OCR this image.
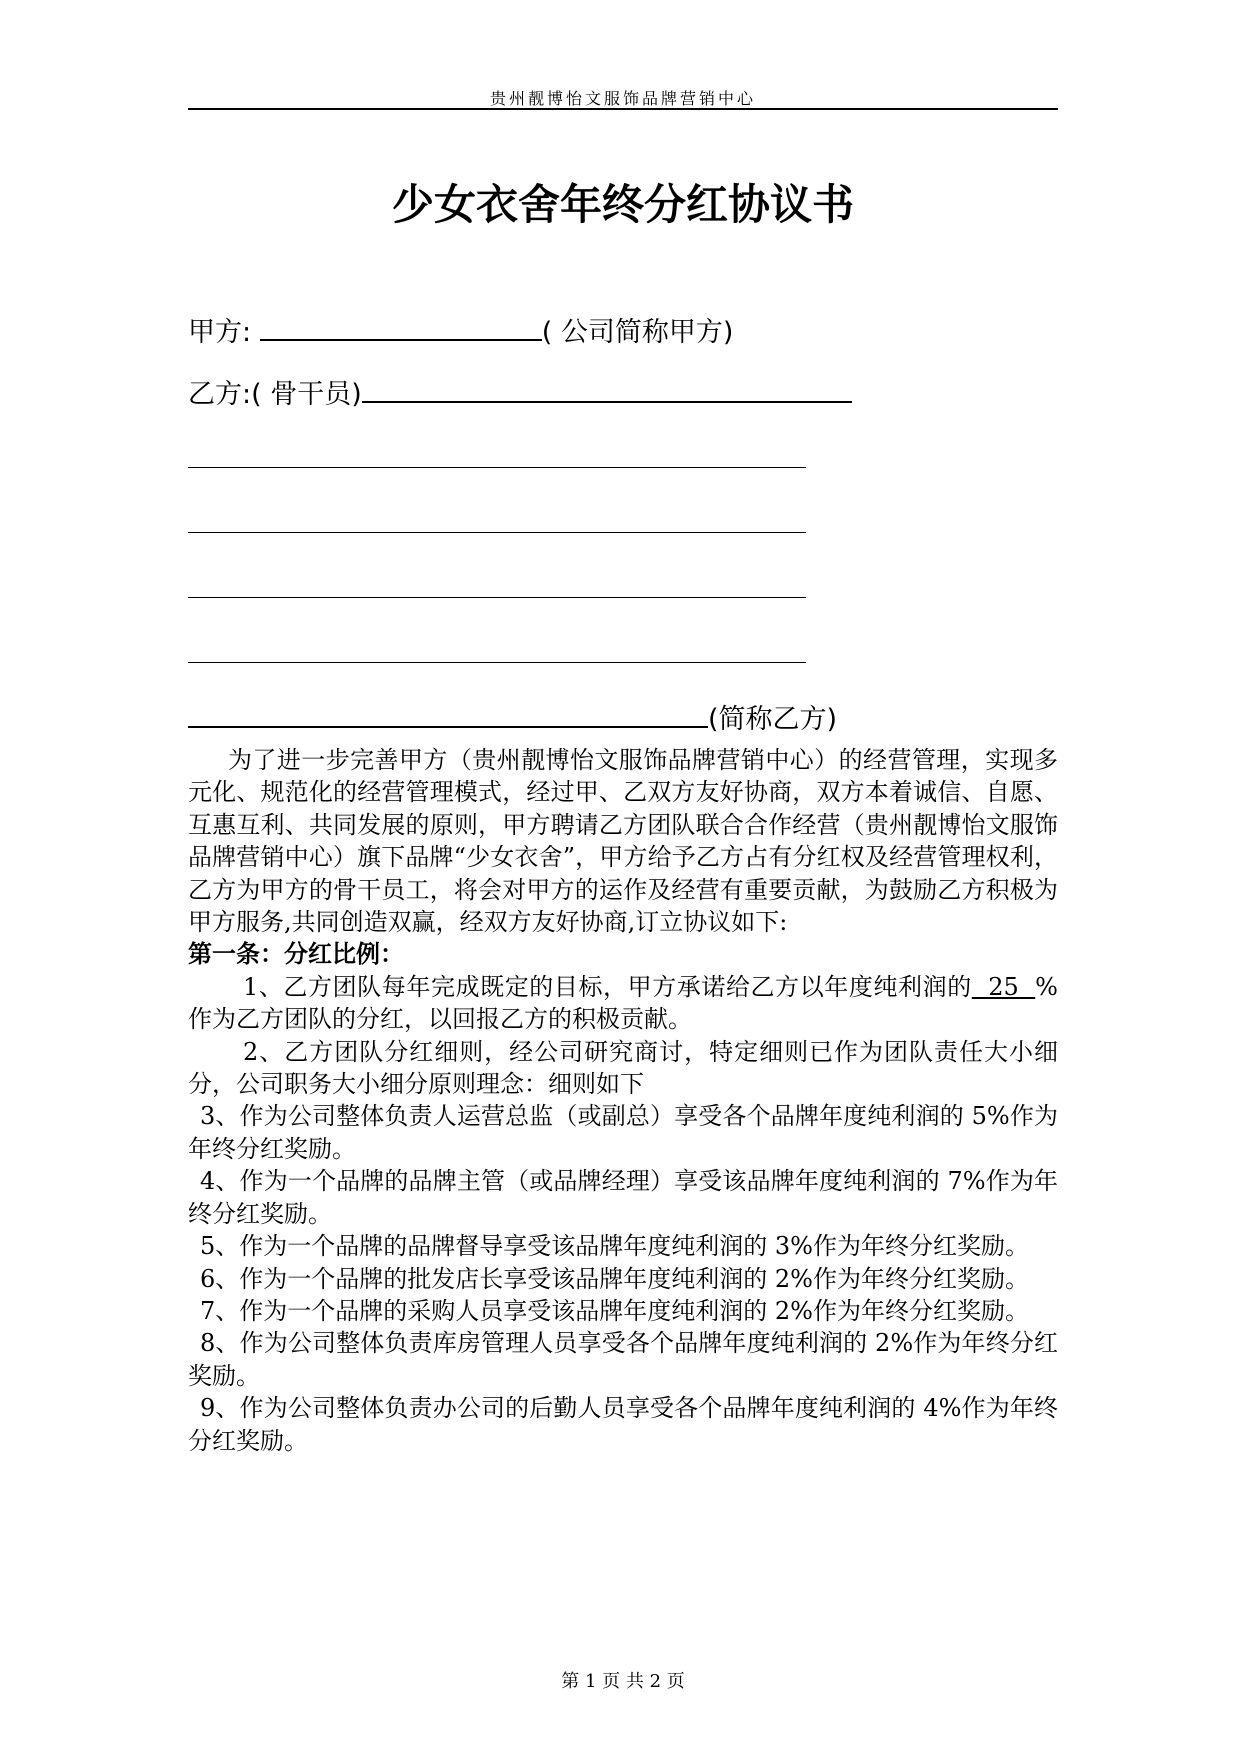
贵州靓博怡文服饰品牌营销中心
少女衣舍年终分红协议书
甲方:	( 公司简称甲方)
乙方:( 骨干员)
(简称乙方)

为了进一步完善甲方（贵州靓博怡文服饰品牌营销中心）的经营管理，实现多元化、规范化的经营管理模式，经过甲、乙双方友好协商，双方本着诚信、自愿、互惠互利、共同发展的原则，甲方聘请乙方团队联合合作经营（贵州靓博怡文服饰品牌营销中心）旗下品牌“少女衣舍”，甲方给予乙方占有分红权及经营管理权利，乙方为甲方的骨干员工，将会对甲方的运作及经营有重要贡献，为鼓励乙方积极为甲方服务,共同创造双赢，经双方友好协商,订立协议如下:

第一条：分红比例：

1、乙方团队每年完成既定的目标，甲方承诺给乙方以年度纯利润的  25  %作为乙方团队的分红，以回报乙方的积极贡献。

2、乙方团队分红细则，经公司研究商讨，特定细则已作为团队责任大小细分，公司职务大小细分原则理念：细则如下

3、作为公司整体负责人运营总监（或副总）享受各个品牌年度纯利润的 5%作为年终分红奖励。

4、作为一个品牌的品牌主管（或品牌经理）享受该品牌年度纯利润的 7%作为年终分红奖励。

5、作为一个品牌的品牌督导享受该品牌年度纯利润的 3%作为年终分红奖励。

6、作为一个品牌的批发店长享受该品牌年度纯利润的 2%作为年终分红奖励。

7、作为一个品牌的采购人员享受该品牌年度纯利润的 2%作为年终分红奖励。

8、作为公司整体负责库房管理人员享受各个品牌年度纯利润的 2%作为年终分红奖励。

9、作为公司整体负责办公司的后勤人员享受各个品牌年度纯利润的 4%作为年终分红奖励。

第 1 页 共 2 页
